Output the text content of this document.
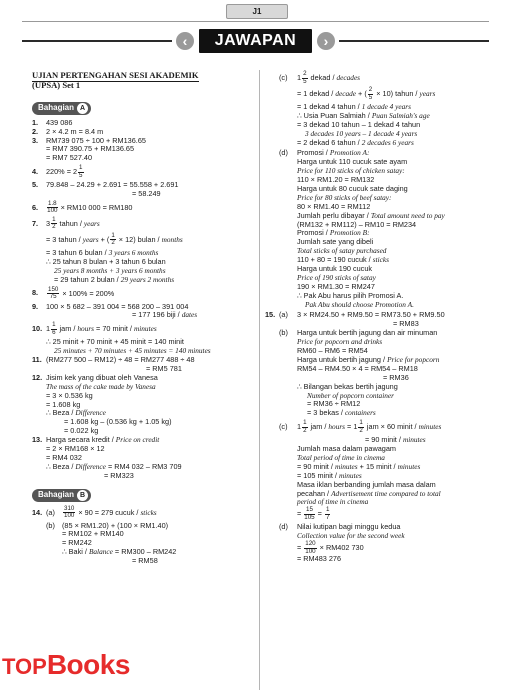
J1
‹	JAWAPAN	›
UJIAN PERTENGAHAN SESI AKADEMIK
(UPSA) Set 1
Bahagian A
1.	439 086
2.	2 × 4.2 m = 8.4 m
3.	RM739 075 ÷ 100 + RM136.65
= RM7 390.75 + RM136.65
= RM7 527.40
4.	$220\% = 2 \frac{1}{5}$
5.	79.848 – 24.29 + 2.691 = 55.558 + 2.691
= 58.249
6.	$\frac{1.8}{100} \times RM10$ 000 = RM180
7.	$3 \frac{1}{2}$ tahun / years
= 3 tahun / years + ( $\frac{1}{2} \times 12$) bulan / months
= 3 tahun 6 bulan / 3 years 6 months
∴ 25 tahun 8 bulan + 3 tahun 6 bulan
25 years 8 months + 3 years 6 months
= 29 tahun 2 bulan / 29 years 2 months
8.	$\frac{150}{75} \times 100\% = 200\%$
9.	100 × 5 682 – 391 004 = 568 200 – 391 004
= 177 196 biji / dates
10. $1 \frac{1}{6}$ jam / hours = 70 minit / minutes
∴ 25 minit + 70 minit + 45 minit = 140 minit
25 minutes + 70 minutes + 45 minutes = 140 minutes
11. (RM277 500 – RM12) ÷ 48 = RM277 488 ÷ 48
= RM5 781
12. Jisim kek yang dibuat oleh Vanesa
The mass of the cake made by Vanesa
= 3 × 0.536 kg
= 1.608 kg
∴ Beza / Difference
= 1.608 kg – (0.536 kg + 1.05 kg)
= 0.022 kg
13. Harga secara kredit / Price on credit
= 2 × RM168 × 12
= RM4 032
∴ Beza / Difference = RM4 032 – RM3 709
= RM323
Bahagian B
14. (a)	$\frac{310}{100} \times 90 = 279$ cucuk / sticks
(b) (85 × RM1.20) + (100 × RM1.40)
= RM102 + RM140
= RM242
∴ Baki / Balance = RM300 – RM242
= RM58
(c)	$1 \frac{2}{5}$ dekad / decades
= 1 dekad / decade + ( $\frac{2}{5} \times 10$) tahun / years
= 1 dekad 4 tahun / 1 decade 4 years
∴ Usia Puan Salmiah / Puan Salmiah's age
= 3 dekad 10 tahun – 1 dekad 4 tahun
3 decades 10 years – 1 decade 4 years
= 2 dekad 6 tahun / 2 decades 6 years
(d)	Promosi / Promotion A:
Harga untuk 110 cucuk sate ayam
Price for 110 sticks of chicken satay:
110 × RM1.20 = RM132
Harga untuk 80 cucuk sate daging
Price for 80 sticks of beef satay:
80 × RM1.40 = RM112
Jumlah perlu dibayar / Total amount need to pay
(RM132 + RM112) – RM10 = RM234
Promosi / Promotion B:
Jumlah sate yang dibeli
Total sticks of satay purchased
110 + 80 = 190 cucuk / sticks
Harga untuk 190 cucuk
Price of 190 sticks of satay
190 × RM1.30 = RM247
∴ Pak Abu harus pilih Promosi A.
Pak Abu should choose Promotion A.
15. (a)	3 × RM24.50 + RM9.50 = RM73.50 + RM9.50
= RM83
(b)	Harga untuk bertih jagung dan air minuman
Price for popcorn and drinks
RM60 – RM6 = RM54
Harga untuk bertih jagung / Price for popcorn
RM54 – RM4.50 × 4 = RM54 – RM18
= RM36
∴ Bilangan bekas bertih jagung
Number of popcorn container
= RM36 ÷ RM12
= 3 bekas / containers
(c)	$1 \frac{1}{2}$ jam / hours = $1 \frac{1}{2}$ jam × 60 minit / minutes
= 90 minit / minutes
Jumlah masa dalam pawagam
Total period of time in cinema
= 90 minit / minutes + 15 minit / minutes
= 105 minit / minutes
Masa iklan berbanding jumlah masa dalam
pecahan / Advertisement time compared to total
period of time in cinema
= $\frac{15}{105} = \frac{1}{7}$
(d)	Nilai kutipan bagi minggu kedua
Collection value for the second week
= $\frac{120}{100} \times RM402$ 730
= RM483 276
TOPBooks
